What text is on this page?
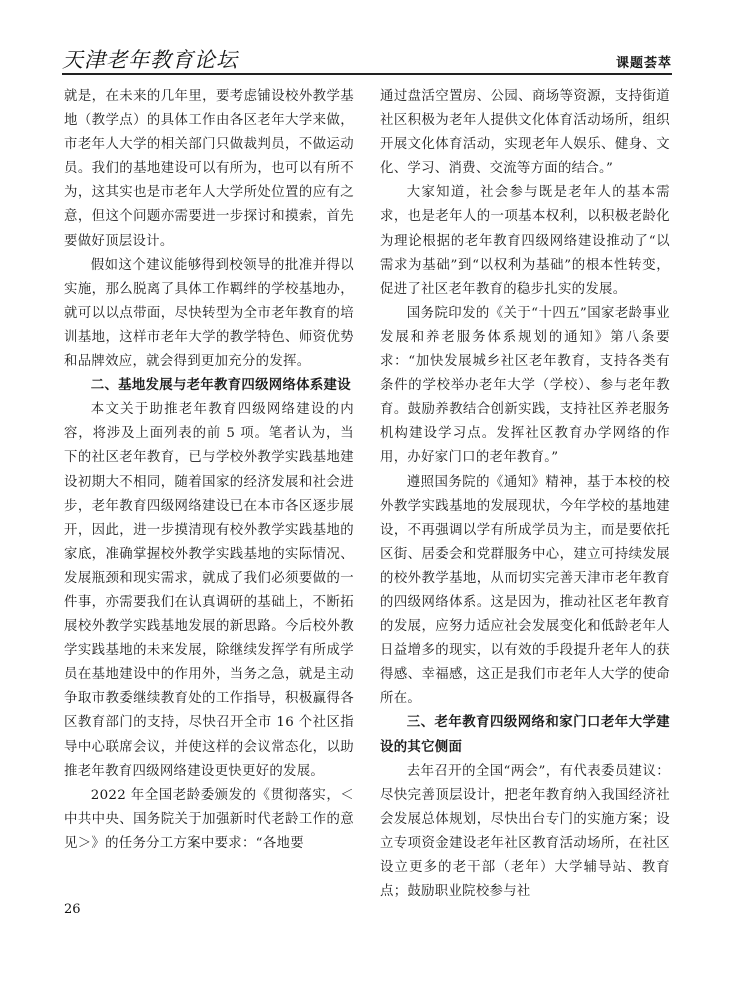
天津老年教育论坛	课题荟萃

就是，在未来的几年里，要考虑铺设校外教学基地（教学点）的具体工作由各区老年大学来做，市老年人大学的相关部门只做裁判员，不做运动员。我们的基地建设可以有所为，也可以有所不为，这其实也是市老年人大学所处位置的应有之意，但这个问题亦需要进一步探讨和摸索，首先要做好顶层设计。

假如这个建议能够得到校领导的批准并得以实施，那么脱离了具体工作羁绊的学校基地办，就可以以点带面，尽快转型为全市老年教育的培训基地，这样市老年大学的教学特色、师资优势和品牌效应，就会得到更加充分的发挥。

二、基地发展与老年教育四级网络体系建设

本文关于助推老年教育四级网络建设的内容，将涉及上面列表的前 5 项。笔者认为，当下的社区老年教育，已与学校外教学实践基地建设初期大不相同，随着国家的经济发展和社会进步，老年教育四级网络建设已在本市各区逐步展开，因此，进一步摸清现有校外教学实践基地的家底，准确掌握校外教学实践基地的实际情况、发展瓶颈和现实需求，就成了我们必须要做的一件事，亦需要我们在认真调研的基础上，不断拓展校外教学实践基地发展的新思路。今后校外教学实践基地的未来发展，除继续发挥学有所成学员在基地建设中的作用外，当务之急，就是主动争取市教委继续教育处的工作指导，积极赢得各区教育部门的支持，尽快召开全市 16 个社区指导中心联席会议，并使这样的会议常态化，以助推老年教育四级网络建设更快更好的发展。

2022 年全国老龄委颁发的《贯彻落实，＜中共中央、国务院关于加强新时代老龄工作的意见＞》的任务分工方案中要求：“各地要

通过盘活空置房、公园、商场等资源，支持街道社区积极为老年人提供文化体育活动场所，组织开展文化体育活动，实现老年人娱乐、健身、文化、学习、消费、交流等方面的结合。”

大家知道，社会参与既是老年人的基本需求，也是老年人的一项基本权利，以积极老龄化为理论根据的老年教育四级网络建设推动了“以需求为基础”到“以权利为基础”的根本性转变，促进了社区老年教育的稳步扎实的发展。

国务院印发的《关于“十四五”国家老龄事业发展和养老服务体系规划的通知》第八条要求：“加快发展城乡社区老年教育，支持各类有条件的学校举办老年大学（学校）、参与老年教育。鼓励养教结合创新实践，支持社区养老服务机构建设学习点。发挥社区教育办学网络的作用，办好家门口的老年教育。”

遵照国务院的《通知》精神，基于本校的校外教学实践基地的发展现状，今年学校的基地建设，不再强调以学有所成学员为主，而是要依托区街、居委会和党群服务中心，建立可持续发展的校外教学基地，从而切实完善天津市老年教育的四级网络体系。这是因为，推动社区老年教育的发展，应努力适应社会发展变化和低龄老年人日益增多的现实，以有效的手段提升老年人的获得感、幸福感，这正是我们市老年人大学的使命所在。

三、老年教育四级网络和家门口老年大学建设的其它侧面

去年召开的全国“两会”，有代表委员建议：尽快完善顶层设计，把老年教育纳入我国经济社会发展总体规划，尽快出台专门的实施方案；设立专项资金建设老年社区教育活动场所，在社区设立更多的老干部（老年）大学辅导站、教育点；鼓励职业院校参与社

26
